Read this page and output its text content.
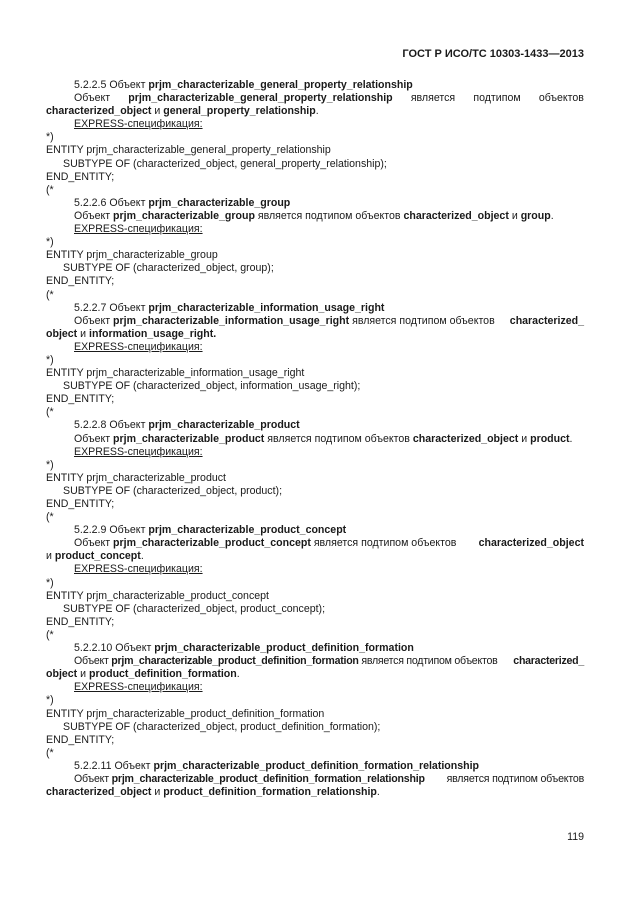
ГОСТ Р ИСО/ТС 10303-1433—2013
5.2.2.5 Объект prjm_characterizable_general_property_relationship
Объект prjm_characterizable_general_property_relationship является подтипом объектов
characterized_object и general_property_relationship.
EXPRESS-спецификация:
*)
ENTITY prjm_characterizable_general_property_relationship
SUBTYPE OF (characterized_object, general_property_relationship);
END_ENTITY;
(*
5.2.2.6 Объект prjm_characterizable_group
Объект prjm_characterizable_group является подтипом объектов characterized_object и group.
EXPRESS-спецификация:
*)
ENTITY prjm_characterizable_group
SUBTYPE OF (characterized_object, group);
END_ENTITY;
(*
5.2.2.7 Объект prjm_characterizable_information_usage_right
Объект prjm_characterizable_information_usage_right является подтипом объектов characterized_
object и information_usage_right.
EXPRESS-спецификация:
*)
ENTITY prjm_characterizable_information_usage_right
SUBTYPE OF (characterized_object, information_usage_right);
END_ENTITY;
(*
5.2.2.8 Объект prjm_characterizable_product
Объект prjm_characterizable_product является подтипом объектов characterized_object и product.
EXPRESS-спецификация:
*)
ENTITY prjm_characterizable_product
SUBTYPE OF (characterized_object, product);
END_ENTITY;
(*
5.2.2.9 Объект prjm_characterizable_product_concept
Объект prjm_characterizable_product_concept является подтипом объектов characterized_object
и product_concept.
EXPRESS-спецификация:
*)
ENTITY prjm_characterizable_product_concept
SUBTYPE OF (characterized_object, product_concept);
END_ENTITY;
(*
5.2.2.10 Объект prjm_characterizable_product_definition_formation
Объект prjm_characterizable_product_definition_formation является подтипом объектов characterized_
object и product_definition_formation.
EXPRESS-спецификация:
*)
ENTITY prjm_characterizable_product_definition_formation
SUBTYPE OF (characterized_object, product_definition_formation);
END_ENTITY;
(*
5.2.2.11 Объект prjm_characterizable_product_definition_formation_relationship
Объект prjm_characterizable_product_definition_formation_relationship является подтипом объектов
characterized_object и product_definition_formation_relationship.
119
